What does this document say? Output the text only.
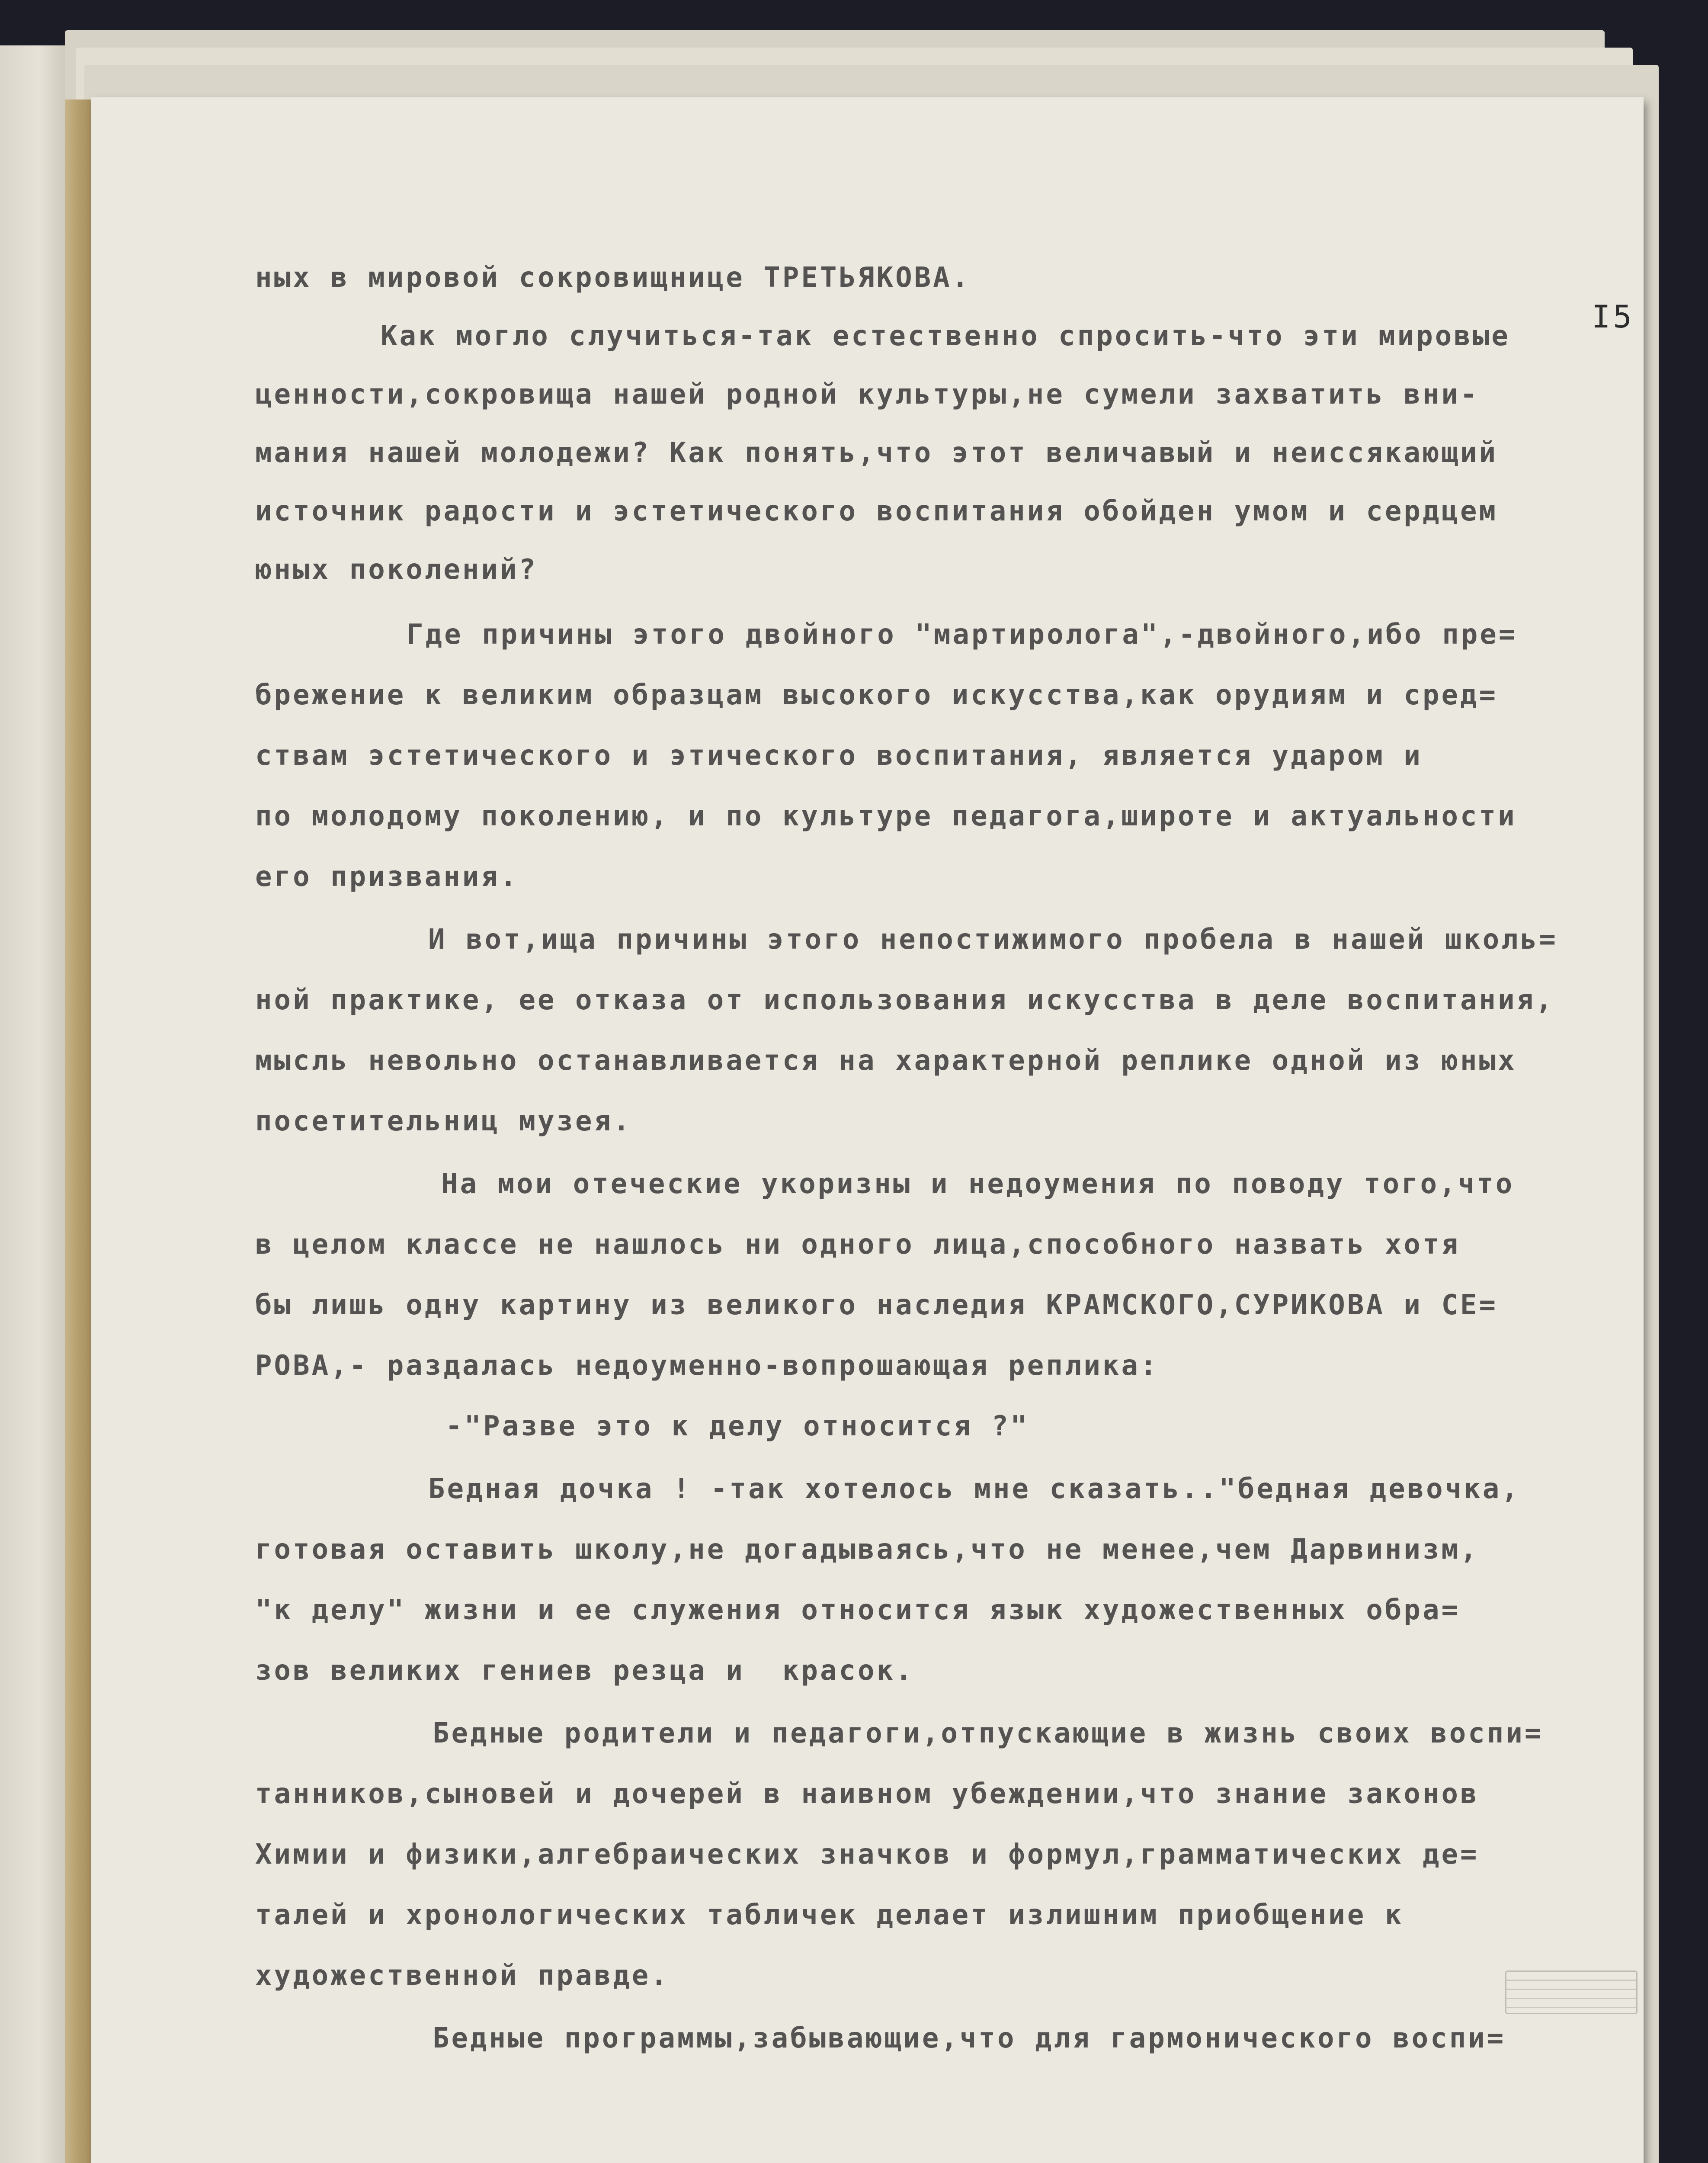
I5
ных в мировой сокровищнице ТРЕТЬЯКОВА.
Как могло случиться-так естественно спросить-что эти мировые
ценности,сокровища нашей родной культуры,не сумели захватить вни-
мания нашей молодежи? Как понять,что этот величавый и неиссякающий
источник радости и эстетического воспитания обойден умом и сердцем
юных поколений?
Где причины этого двойного "мартиролога",-двойного,ибо пре=
брежение к великим образцам высокого искусства,как орудиям и сред=
ствам эстетического и этического воспитания, является ударом и
по молодому поколению, и по культуре педагога,широте и актуальности
его призвания.
И вот,ища причины этого непостижимого пробела в нашей школь=
ной практике, ее отказа от использования искусства в деле воспитания,
мысль невольно останавливается на характерной реплике одной из юных
посетительниц музея.
На мои отеческие укоризны и недоумения по поводу того,что
в целом классе не нашлось ни одного лица,способного назвать хотя
бы лишь одну картину из великого наследия КРАМСКОГО,СУРИКОВА и СЕ=
РОВА,- раздалась недоуменно-вопрошающая реплика:
-"Разве это к делу относится ?"
Бедная дочка ! -так хотелось мне сказать.."бедная девочка,
готовая оставить школу,не догадываясь,что не менее,чем Дарвинизм,
"к делу" жизни и ее служения относится язык художественных обра=
зов великих гениев резца и  красок.
Бедные родители и педагоги,отпускающие в жизнь своих воспи=
танников,сыновей и дочерей в наивном убеждении,что знание законов
Химии и физики,алгебраических значков и формул,грамматических де=
талей и хронологических табличек делает излишним приобщение к
художественной правде.
Бедные программы,забывающие,что для гармонического воспи=
